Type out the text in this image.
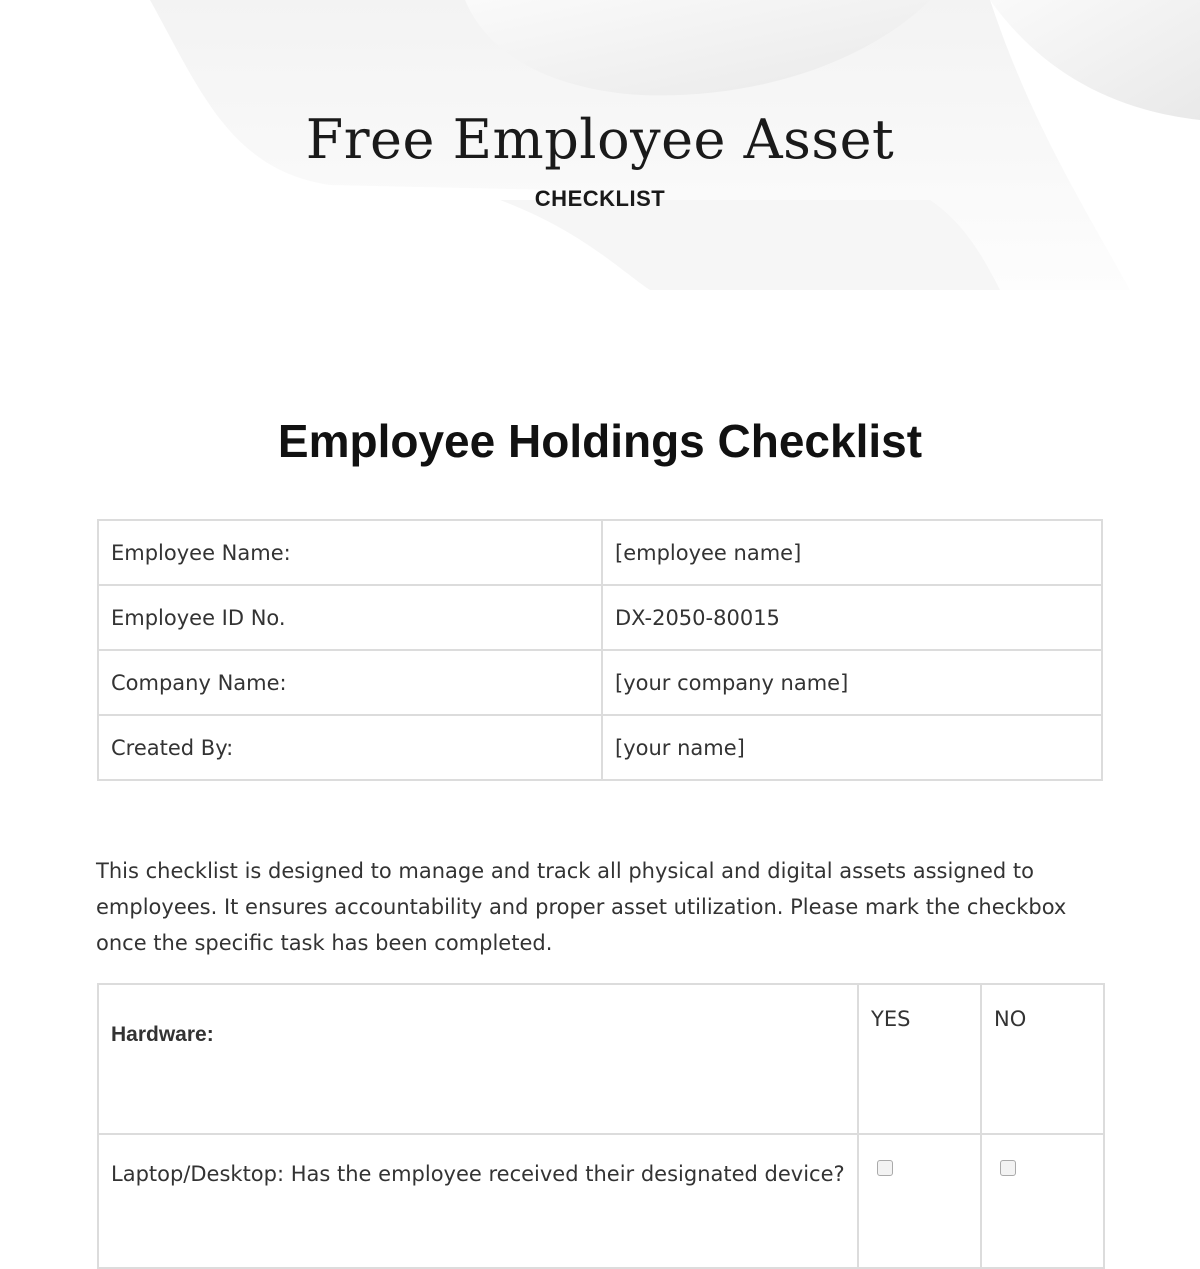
Free Employee Asset
CHECKLIST
Employee Holdings Checklist
Employee Name:	[employee name]
Employee ID No.	DX-2050-80015
Company Name:	[your company name]
Created By:	[your name]

This checklist is designed to manage and track all physical and digital assets assigned to employees. It ensures accountability and proper asset utilization. Please mark the checkbox once the specific task has been completed.

Hardware:	YES	NO
Laptop/Desktop: Has the employee received their designated device?		
